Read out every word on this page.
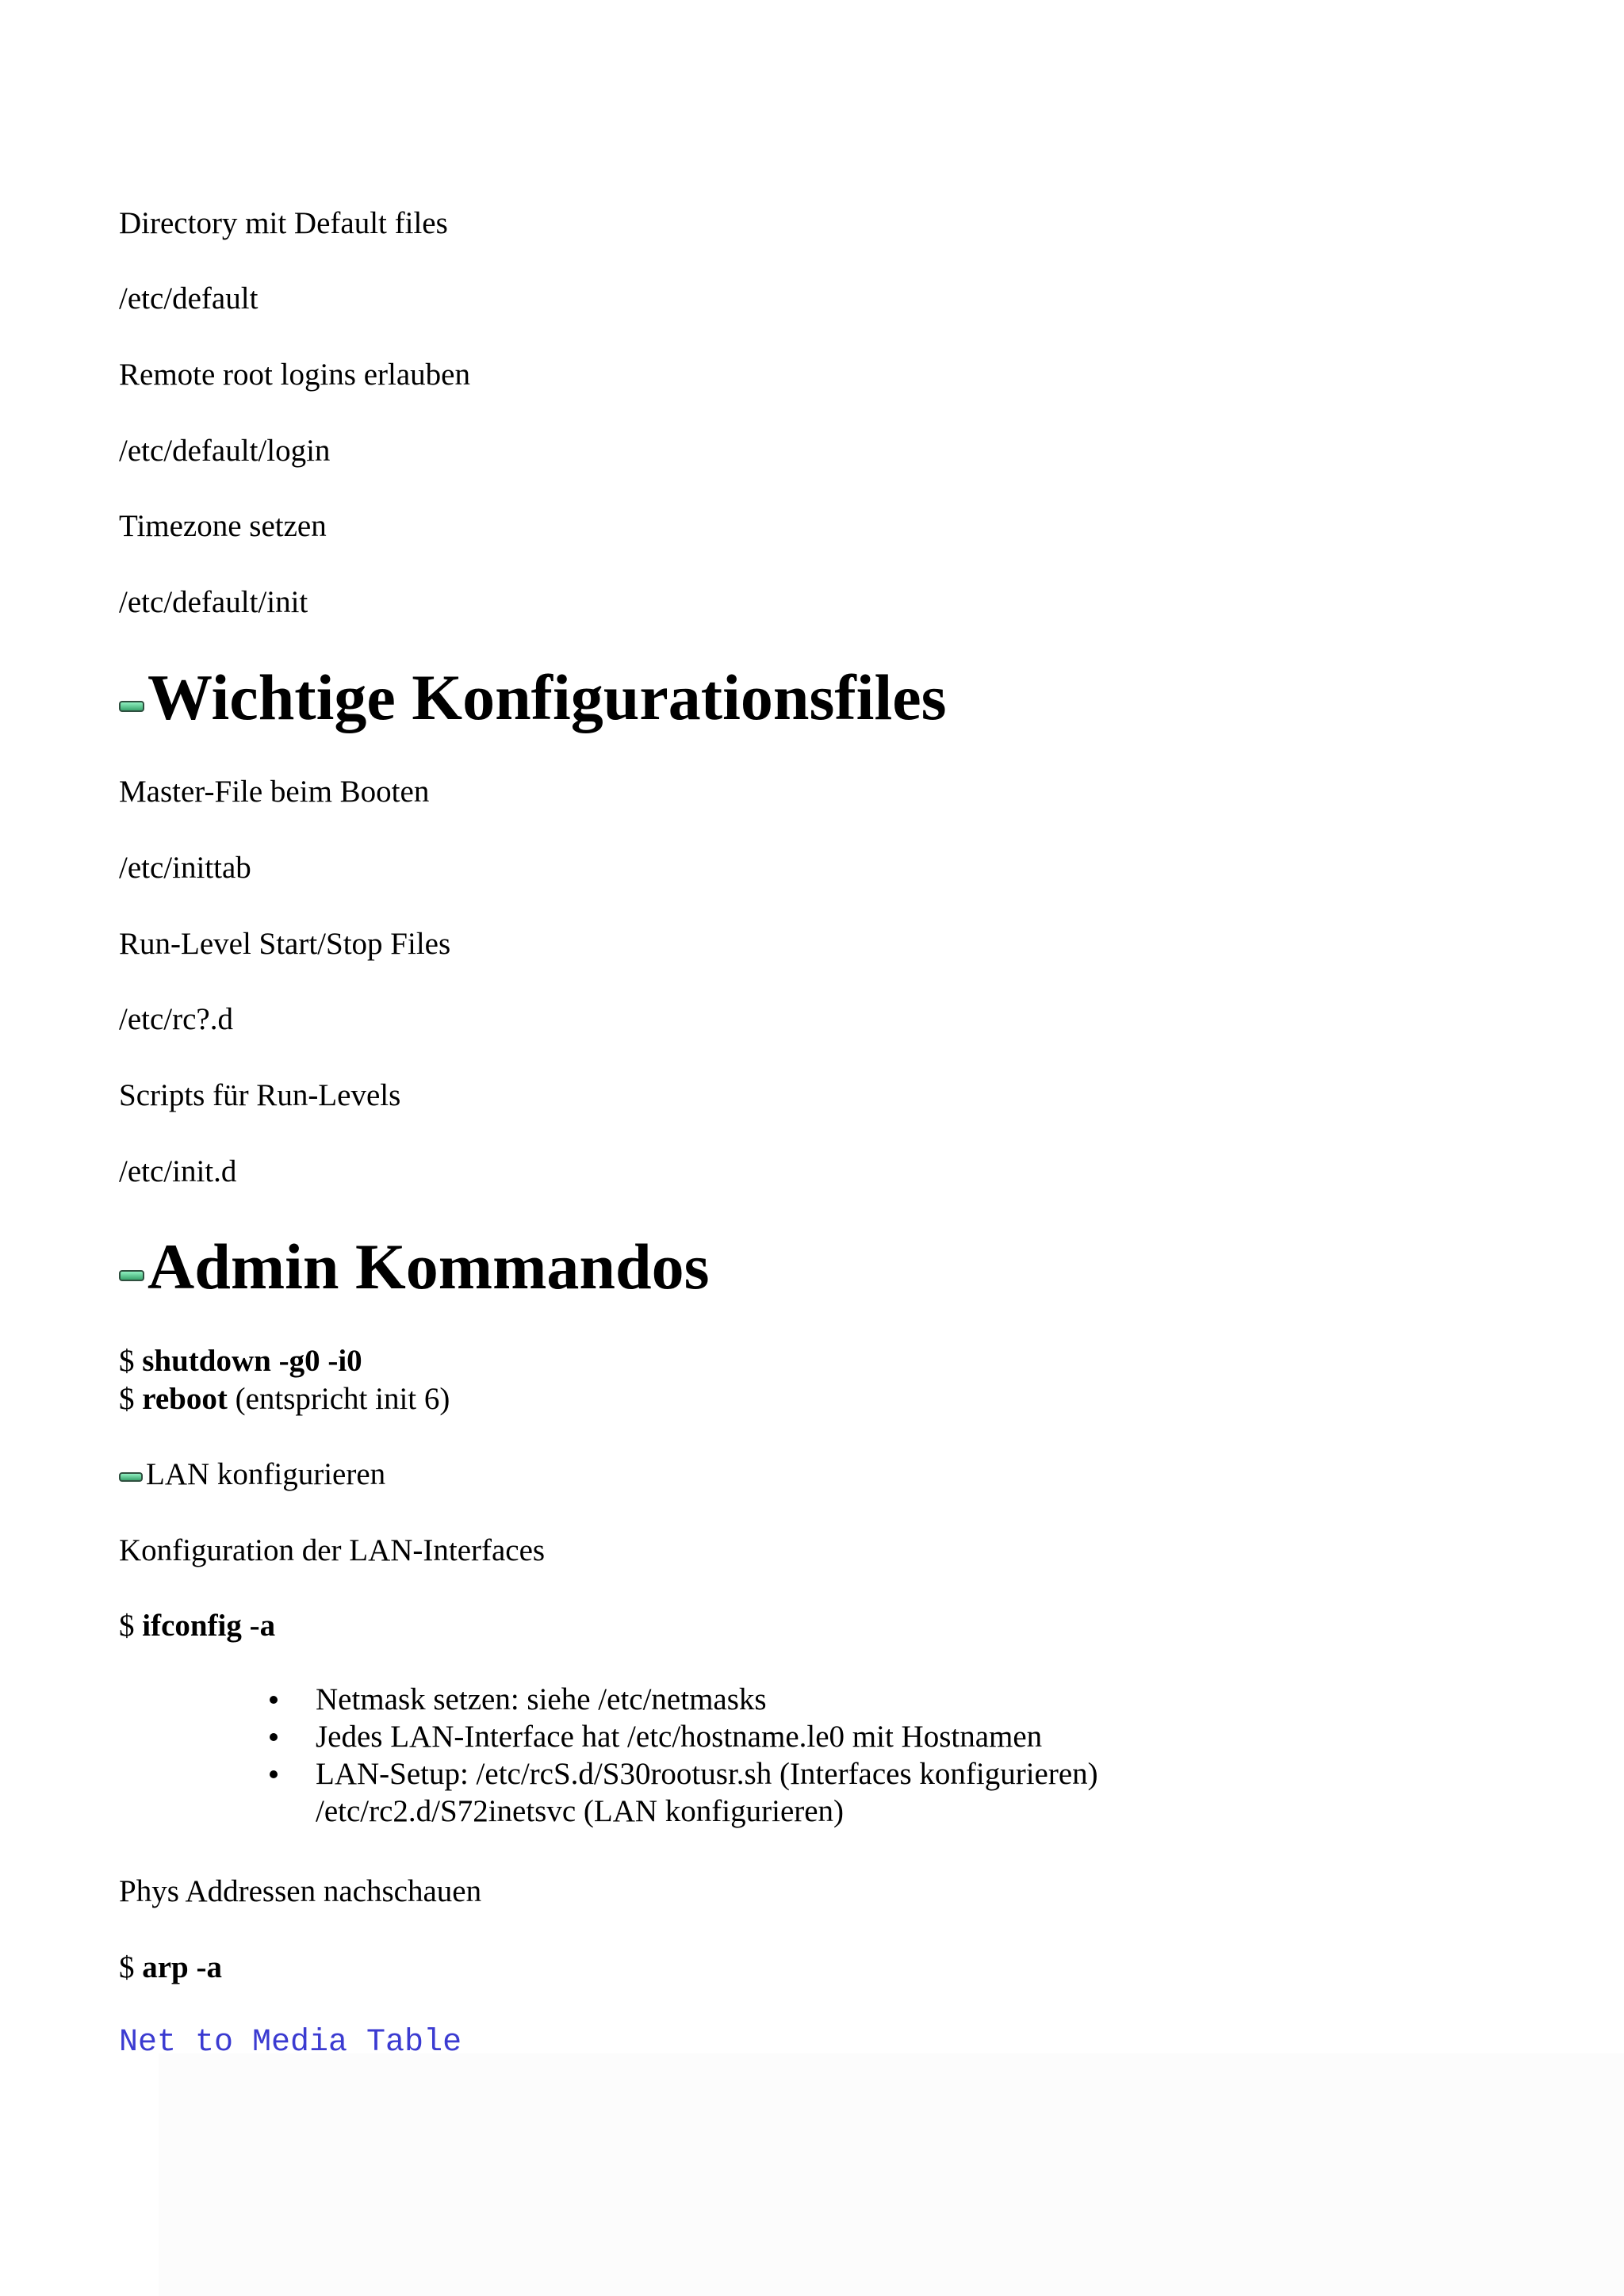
Directory mit Default files
/etc/default
Remote root logins erlauben
/etc/default/login
Timezone setzen
/etc/default/init
Wichtige Konfigurationsfiles
Master-File beim Booten
/etc/inittab
Run-Level Start/Stop Files
/etc/rc?.d
Scripts für Run-Levels
/etc/init.d
Admin Kommandos
$ shutdown -g0 -i0
$ reboot (entspricht init 6)
LAN konfigurieren
Konfiguration der LAN-Interfaces
$ ifconfig -a
Netmask setzen: siehe /etc/netmasks
Jedes LAN-Interface hat /etc/hostname.le0 mit Hostnamen
LAN-Setup: /etc/rcS.d/S30rootusr.sh (Interfaces konfigurieren)
/etc/rc2.d/S72inetsvc (LAN konfigurieren)
Phys Addressen nachschauen
$ arp -a
Net to Media Table
